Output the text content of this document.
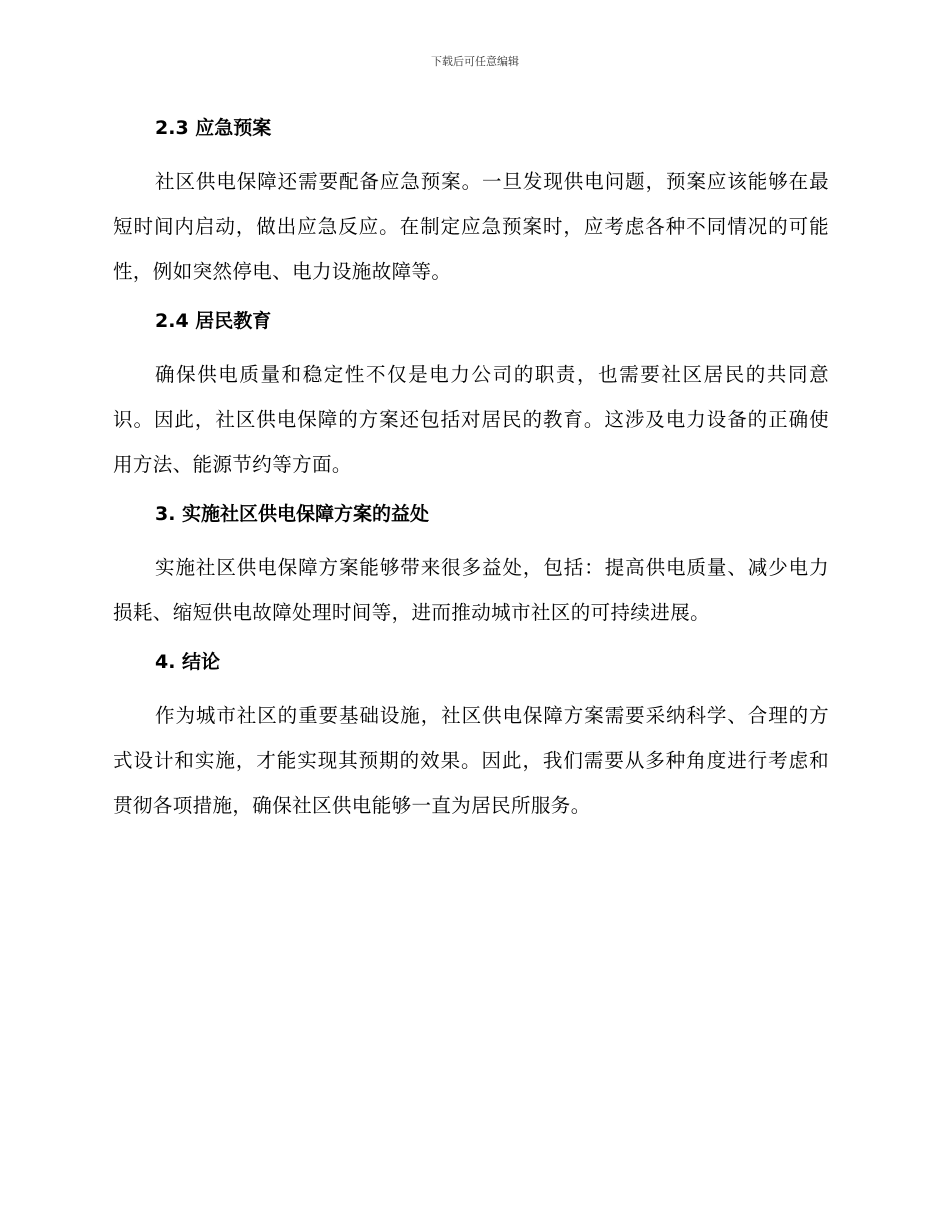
下载后可任意编辑
2.3 应急预案

社区供电保障还需要配备应急预案。一旦发现供电问题，预案应该能够在最短时间内启动，做出应急反应。在制定应急预案时，应考虑各种不同情况的可能性，例如突然停电、电力设施故障等。

2.4 居民教育

确保供电质量和稳定性不仅是电力公司的职责，也需要社区居民的共同意识。因此，社区供电保障的方案还包括对居民的教育。这涉及电力设备的正确使用方法、能源节约等方面。

3. 实施社区供电保障方案的益处

实施社区供电保障方案能够带来很多益处，包括：提高供电质量、减少电力损耗、缩短供电故障处理时间等，进而推动城市社区的可持续进展。

4. 结论

作为城市社区的重要基础设施，社区供电保障方案需要采纳科学、合理的方式设计和实施，才能实现其预期的效果。因此，我们需要从多种角度进行考虑和贯彻各项措施，确保社区供电能够一直为居民所服务。
